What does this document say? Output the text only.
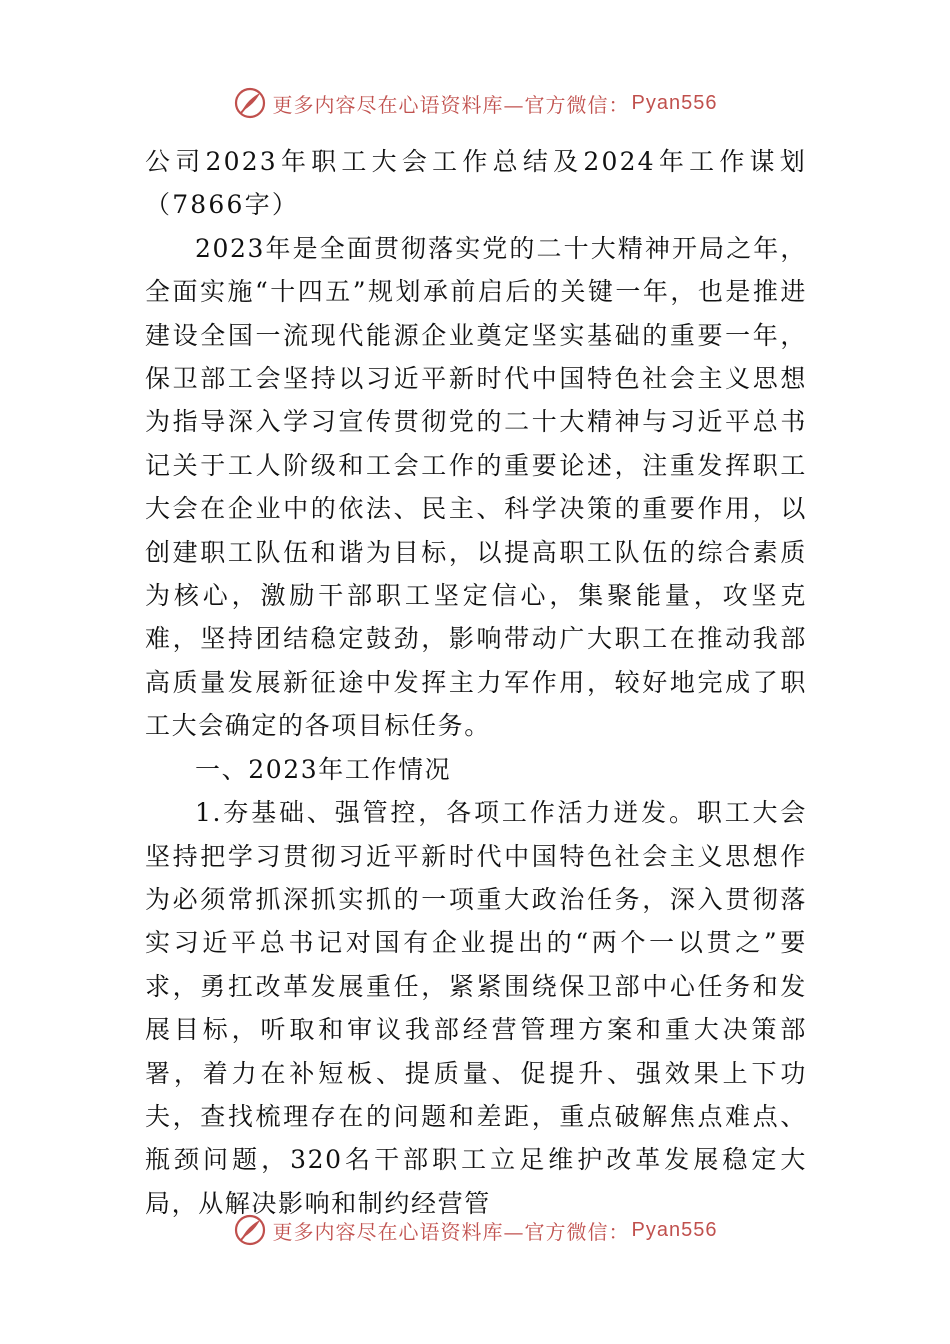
更多内容尽在心语资料库—官方微信： Pyan556

公司2023年职工大会工作总结及2024年工作谋划（7866字）

2023年是全面贯彻落实党的二十大精神开局之年，全面实施“十四五”规划承前启后的关键一年，也是推进建设全国一流现代能源企业奠定坚实基础的重要一年，保卫部工会坚持以习近平新时代中国特色社会主义思想为指导深入学习宣传贯彻党的二十大精神与习近平总书记关于工人阶级和工会工作的重要论述，注重发挥职工大会在企业中的依法、民主、科学决策的重要作用，以创建职工队伍和谐为目标，以提高职工队伍的综合素质为核心，激励干部职工坚定信心，集聚能量，攻坚克难，坚持团结稳定鼓劲，影响带动广大职工在推动我部高质量发展新征途中发挥主力军作用，较好地完成了职工大会确定的各项目标任务。

一、2023年工作情况

1.夯基础、强管控，各项工作活力迸发。职工大会坚持把学习贯彻习近平新时代中国特色社会主义思想作为必须常抓深抓实抓的一项重大政治任务，深入贯彻落实习近平总书记对国有企业提出的“两个一以贯之”要求，勇扛改革发展重任，紧紧围绕保卫部中心任务和发展目标，听取和审议我部经营管理方案和重大决策部署，着力在补短板、提质量、促提升、强效果上下功夫，查找梳理存在的问题和差距，重点破解焦点难点、瓶颈问题，320名干部职工立足维护改革发展稳定大局，从解决影响和制约经营管

更多内容尽在心语资料库—官方微信： Pyan556
